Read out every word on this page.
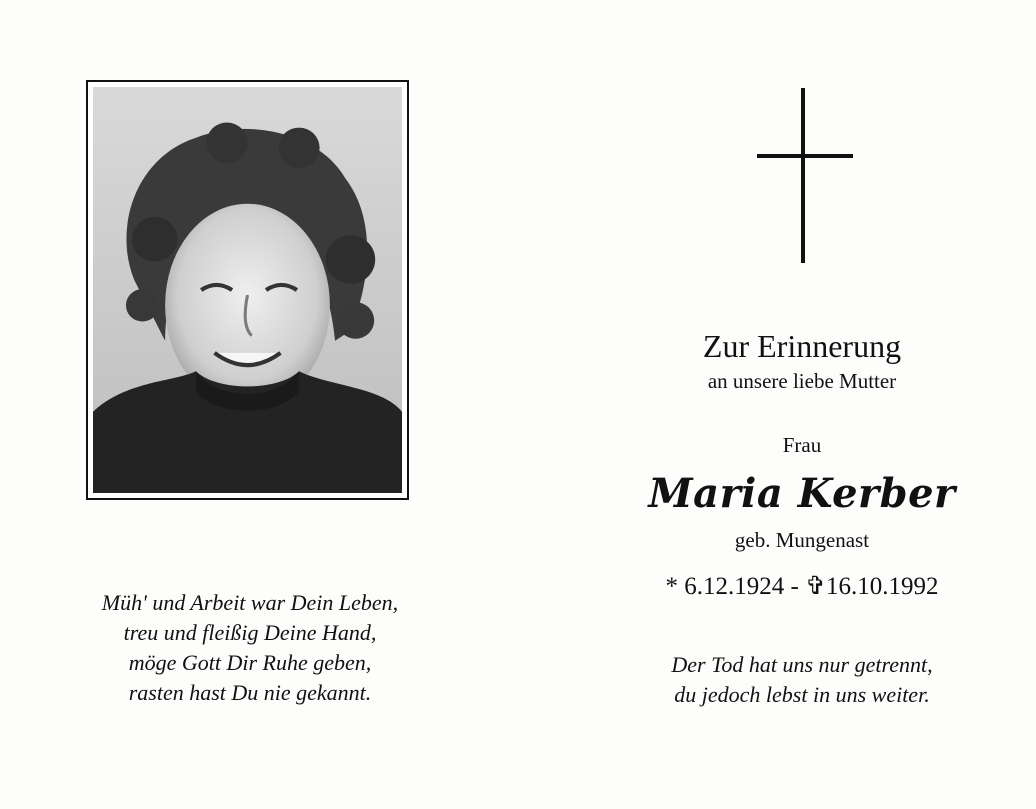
Müh' und Arbeit war Dein Leben,
treu und fleißig Deine Hand,
möge Gott Dir Ruhe geben,
rasten hast Du nie gekannt.
Zur Erinnerung
an unsere liebe Mutter
Frau
Maria Kerber
geb. Mungenast
* 6.12.1924 - ✞16.10.1992
Der Tod hat uns nur getrennt,
du jedoch lebst in uns weiter.
